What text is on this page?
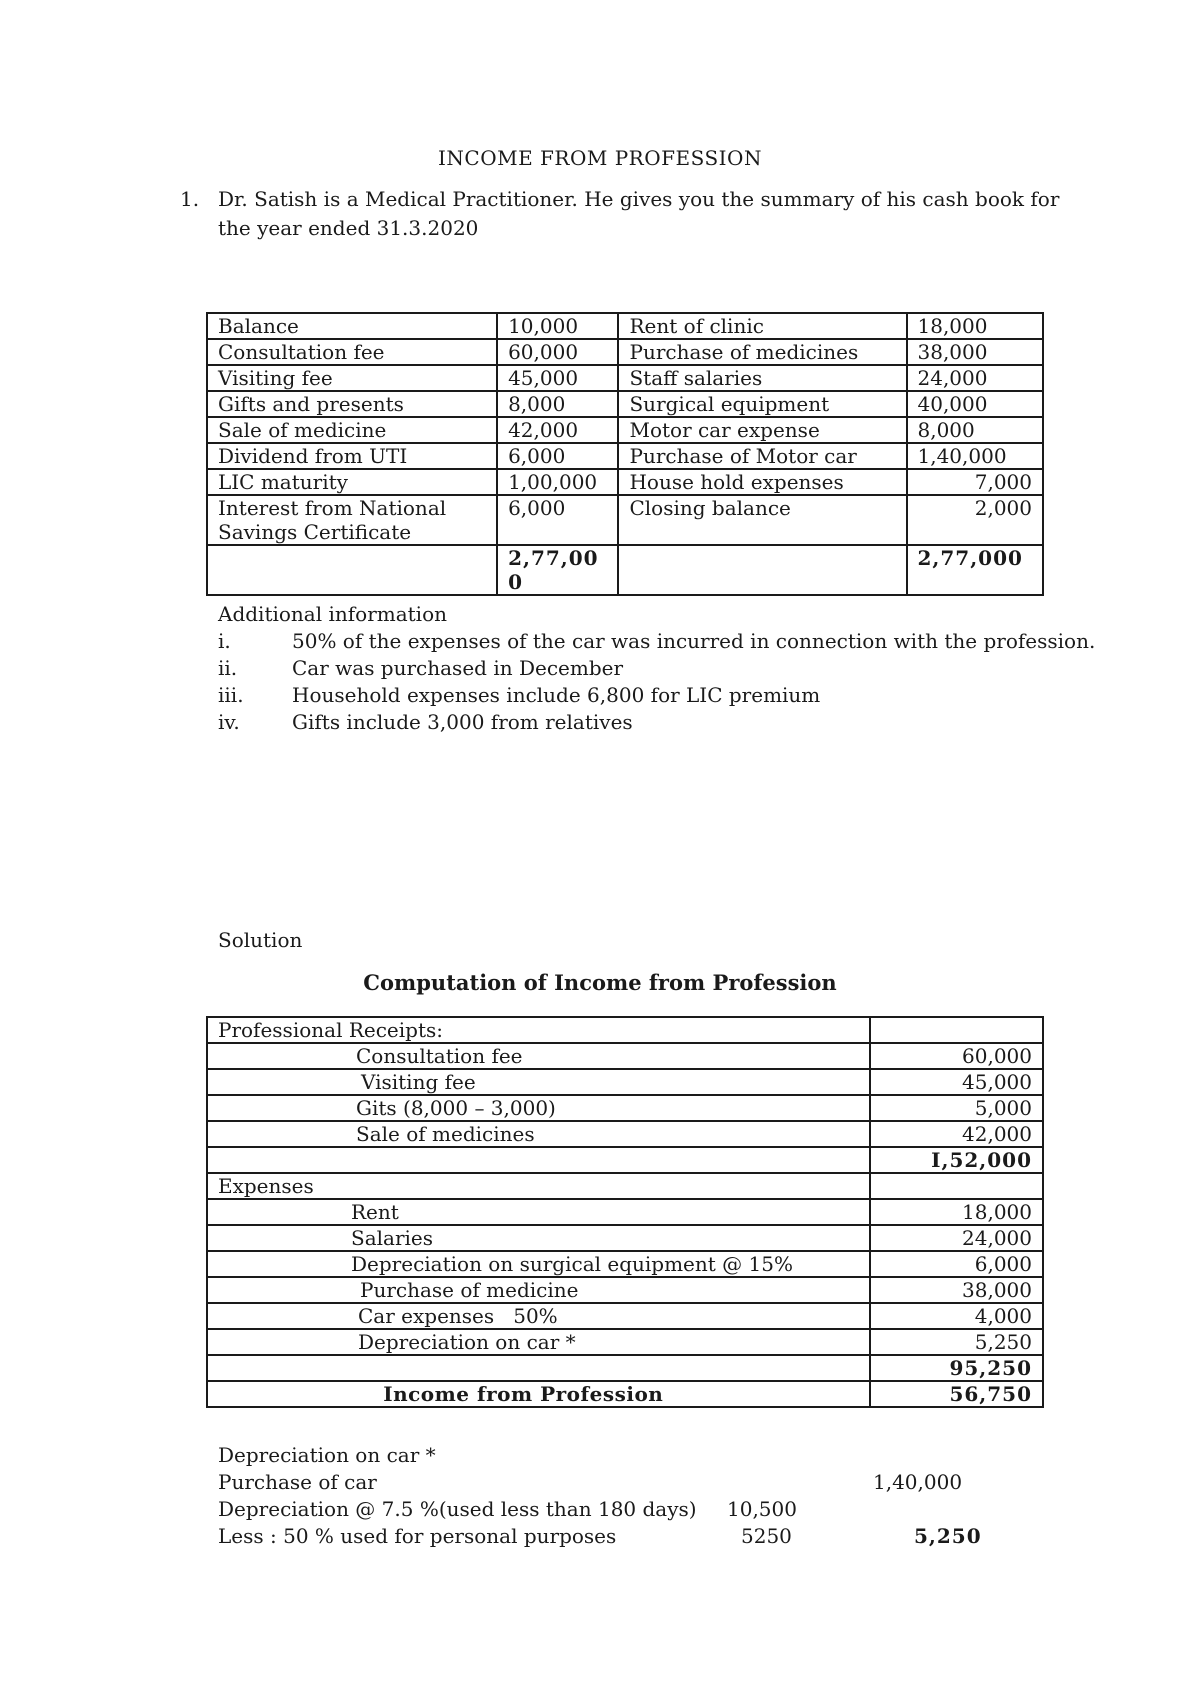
INCOME FROM PROFESSION
1. Dr. Satish is a Medical Practitioner. He gives you the summary of his cash book for
the year ended 31.3.2020
Balance	10,000	Rent of clinic	18,000
Consultation fee	60,000	Purchase of medicines	38,000
Visiting fee	45,000	Staff salaries	24,000
Gifts and presents	8,000	Surgical equipment	40,000
Sale of medicine	42,000	Motor car expense	8,000
Dividend from UTI	6,000	Purchase of Motor car	1,40,000
LIC maturity	1,00,000	House hold expenses	7,000
Interest from National Savings Certificate	6,000	Closing balance	2,000
	2,77,000		2,77,000
Additional information
i.	50% of the expenses of the car was incurred in connection with the profession.
ii.	Car was purchased in December
iii. Household expenses include 6,800 for LIC premium
iv.	Gifts include 3,000 from relatives
Solution
Computation of Income from Profession
Professional Receipts:	
Consultation fee	60,000
Visiting fee	45,000
Gits (8,000 – 3,000)	5,000
Sale of medicines	42,000
	I,52,000
Expenses	
Rent	18,000
Salaries	24,000
Depreciation on surgical equipment @ 15%	6,000
Purchase of medicine	38,000
Car expenses   50%	4,000
Depreciation on car *	5,250
	95,250
Income from Profession	56,750
Depreciation on car *
Purchase of car	1,40,000
Depreciation @ 7.5 %(used less than 180 days) 10,500
Less : 50 % used for personal purposes	5250	5,250
